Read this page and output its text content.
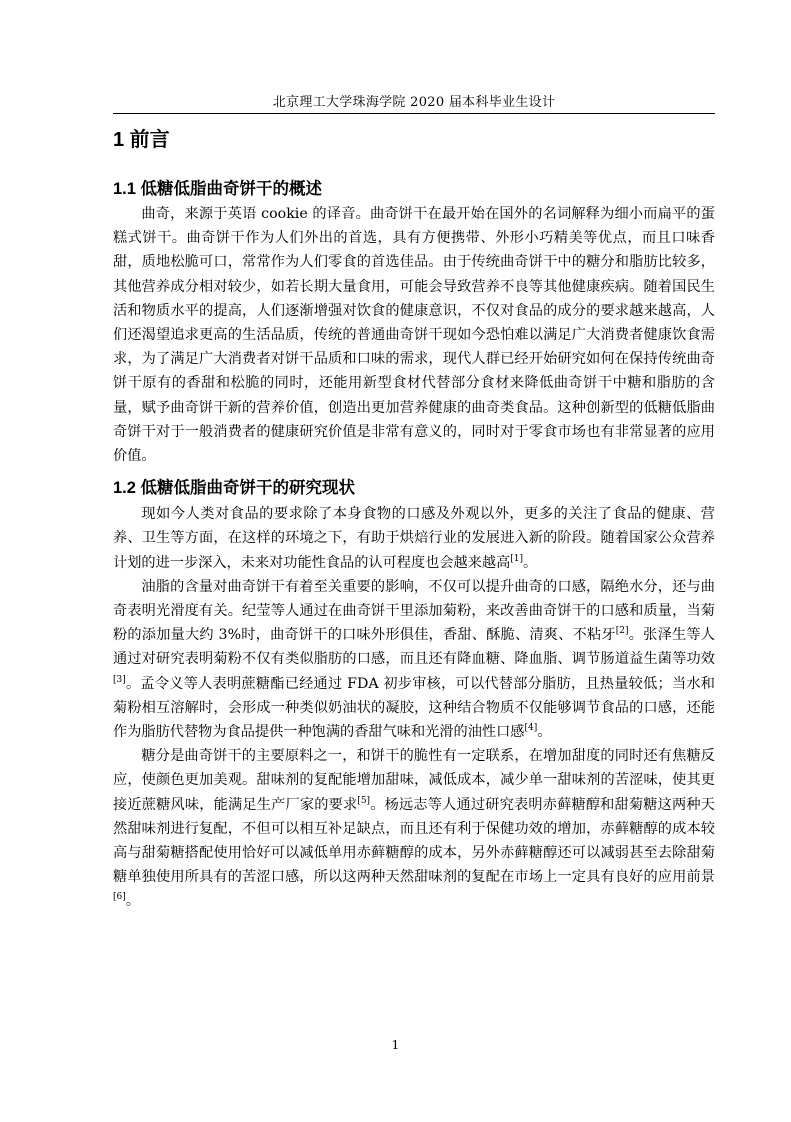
北京理工大学珠海学院 2020 届本科毕业生设计
1 前言
1.1 低糖低脂曲奇饼干的概述

曲奇，来源于英语 cookie 的译音。曲奇饼干在最开始在国外的名词解释为细小而扁平的蛋糕式饼干。曲奇饼干作为人们外出的首选，具有方便携带、外形小巧精美等优点，而且口味香甜，质地松脆可口，常常作为人们零食的首选佳品。由于传统曲奇饼干中的糖分和脂肪比较多，其他营养成分相对较少，如若长期大量食用，可能会导致营养不良等其他健康疾病。随着国民生活和物质水平的提高，人们逐渐增强对饮食的健康意识，不仅对食品的成分的要求越来越高，人们还渴望追求更高的生活品质，传统的普通曲奇饼干现如今恐怕难以满足广大消费者健康饮食需求，为了满足广大消费者对饼干品质和口味的需求，现代人群已经开始研究如何在保持传统曲奇饼干原有的香甜和松脆的同时，还能用新型食材代替部分食材来降低曲奇饼干中糖和脂肪的含量，赋予曲奇饼干新的营养价值，创造出更加营养健康的曲奇类食品。这种创新型的低糖低脂曲奇饼干对于一般消费者的健康研究价值是非常有意义的，同时对于零食市场也有非常显著的应用价值。

1.2 低糖低脂曲奇饼干的研究现状

现如今人类对食品的要求除了本身食物的口感及外观以外，更多的关注了食品的健康、营养、卫生等方面，在这样的环境之下，有助于烘焙行业的发展进入新的阶段。随着国家公众营养计划的进一步深入，未来对功能性食品的认可程度也会越来越高[1]。

油脂的含量对曲奇饼干有着至关重要的影响，不仅可以提升曲奇的口感，隔绝水分，还与曲奇表明光滑度有关。纪莹等人通过在曲奇饼干里添加菊粉，来改善曲奇饼干的口感和质量，当菊粉的添加量大约 3%时，曲奇饼干的口味外形俱佳，香甜、酥脆、清爽、不粘牙[2]。张泽生等人通过对研究表明菊粉不仅有类似脂肪的口感，而且还有降血糖、降血脂、调节肠道益生菌等功效[3]。孟令义等人表明蔗糖酯已经通过 FDA 初步审核，可以代替部分脂肪，且热量较低；当水和菊粉相互溶解时，会形成一种类似奶油状的凝胶，这种结合物质不仅能够调节食品的口感，还能作为脂肪代替物为食品提供一种饱满的香甜气味和光滑的油性口感[4]。

糖分是曲奇饼干的主要原料之一，和饼干的脆性有一定联系，在增加甜度的同时还有焦糖反应，使颜色更加美观。甜味剂的复配能增加甜味，减低成本，减少单一甜味剂的苦涩味，使其更接近蔗糖风味，能满足生产厂家的要求[5]。杨远志等人通过研究表明赤藓糖醇和甜菊糖这两种天然甜味剂进行复配，不但可以相互补足缺点，而且还有利于保健功效的增加，赤藓糖醇的成本较高与甜菊糖搭配使用恰好可以减低单用赤藓糖醇的成本，另外赤藓糖醇还可以减弱甚至去除甜菊糖单独使用所具有的苦涩口感，所以这两种天然甜味剂的复配在市场上一定具有良好的应用前景[6]。

1
